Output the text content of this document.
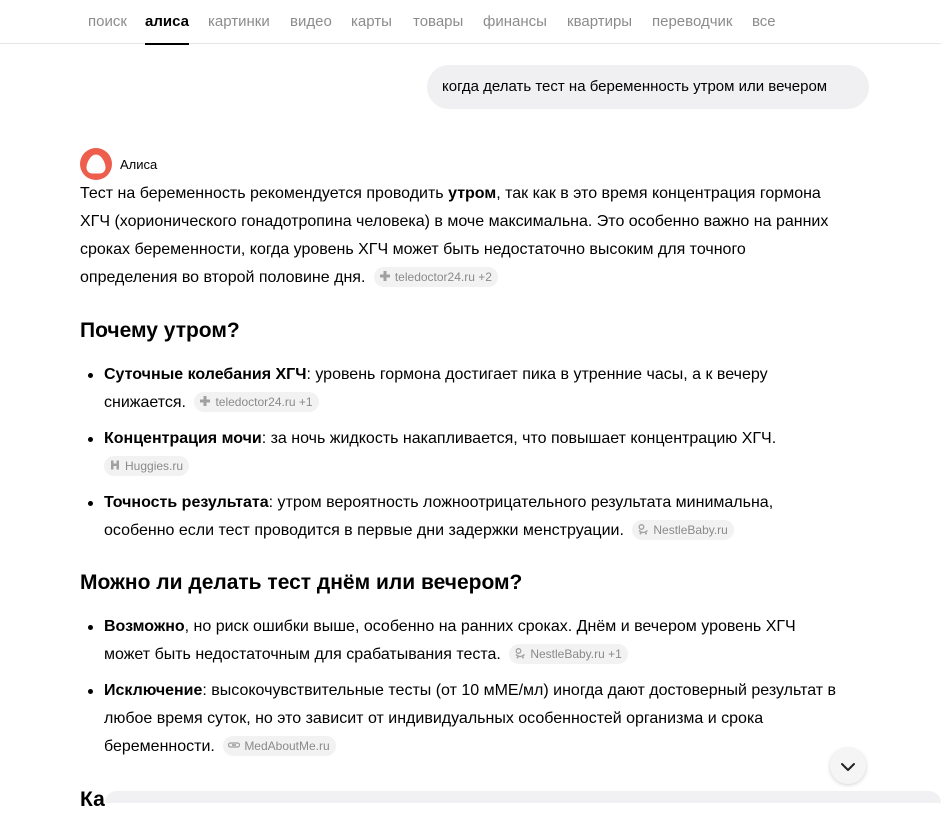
поиск алиса картинки видео карты товары финансы квартиры переводчик все
когда делать тест на беременность утром или вечером
Алиса

Тест на беременность рекомендуется проводить утром, так как в это время концентрация гормона ХГЧ (хорионического гонадотропина человека) в моче максимальна. Это особенно важно на ранних сроках беременности, когда уровень ХГЧ может быть недостаточно высоким для точного определения во второй половине дня. teledoctor24.ru +2

Почему утром?
Суточные колебания ХГЧ: уровень гормона достигает пика в утренние часы, а к вечеру снижается. teledoctor24.ru +1
Концентрация мочи: за ночь жидкость накапливается, что повышает концентрацию ХГЧ.

Huggies.ru
Точность результата: утром вероятность ложноотрицательного результата минимальна, особенно если тест проводится в первые дни задержки менструации. NestleBaby.ru
Можно ли делать тест днём или вечером?
Возможно, но риск ошибки выше, особенно на ранних сроках. Днём и вечером уровень ХГЧ может быть недостаточным для срабатывания теста. NestleBaby.ru +1
Исключение: высокочувствительные тесты (от 10 мМЕ/мл) иногда дают достоверный результат в любое время суток, но это зависит от индивидуальных особенностей организма и срока беременности. MedAboutMe.ru
Ка
